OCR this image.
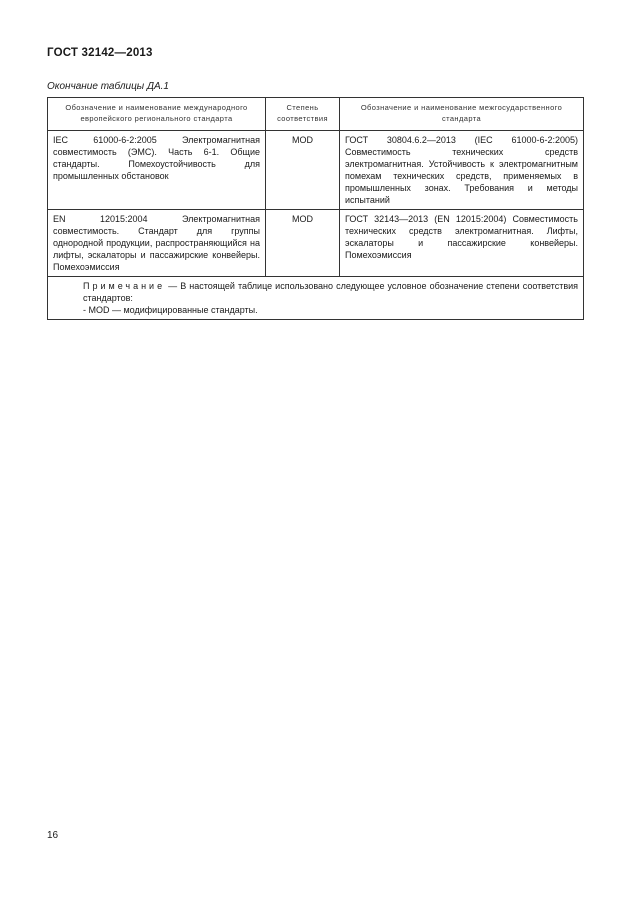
ГОСТ 32142—2013
Окончание таблицы ДА.1
Обозначение и наименование международного европейского регионального стандарта	Степень соответствия	Обозначение и наименование межгосударственного стандарта
IEC 61000-6-2:2005 Электромагнитная совместимость (ЭМС). Часть 6-1. Общие стандарты. Помехоустойчивость для промышленных обстановок	MOD	ГОСТ 30804.6.2—2013 (IEC 61000-6-2:2005) Совместимость технических средств электромагнитная. Устойчивость к электромагнитным помехам технических средств, применяемых в промышленных зонах. Требования и методы испытаний
EN 12015:2004 Электромагнитная совместимость. Стандарт для группы однородной продукции, распространяющийся на лифты, эскалаторы и пассажирские конвейеры. Помехоэмиссия	MOD	ГОСТ 32143—2013 (EN 12015:2004) Совместимость технических средств электромагнитная. Лифты, эскалаторы и пассажирские конвейеры. Помехоэмиссия

Примечание — В настоящей таблице использовано следующее условное обозначение степени соответствия стандартов:
- MOD — модифицированные стандарты.		
16
